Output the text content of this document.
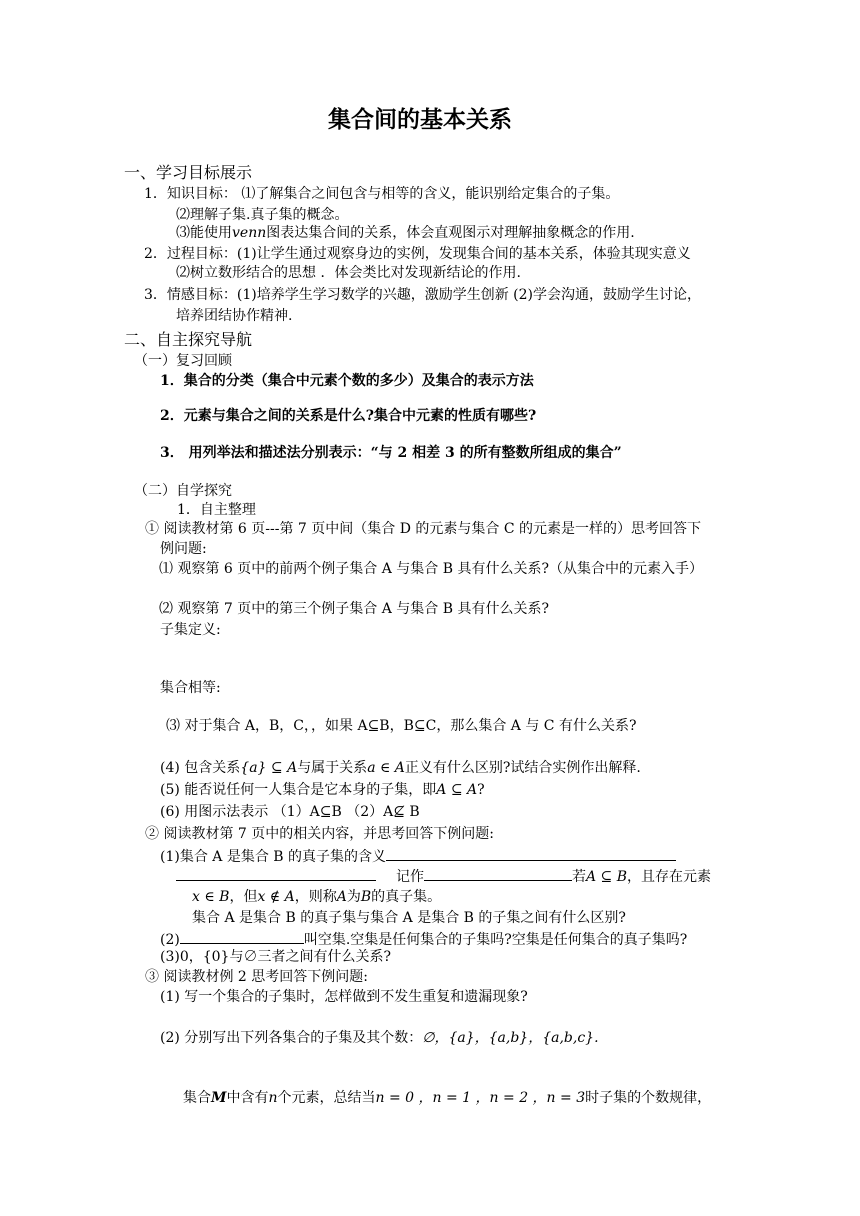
集合间的基本关系
一、学习目标展示
1．知识目标： ⑴了解集合之间包含与相等的含义，能识别给定集合的子集。
⑵理解子集.真子集的概念。
⑶能使用venn图表达集合间的关系，体会直观图示对理解抽象概念的作用.
2．过程目标：(1)让学生通过观察身边的实例，发现集合间的基本关系，体验其现实意义
⑵树立数形结合的思想 ．体会类比对发现新结论的作用.
3．情感目标：(1)培养学生学习数学的兴趣，激励学生创新 (2)学会沟通，鼓励学生讨论，
培养团结协作精神.
二、自主探究导航
（一）复习回顾
1．集合的分类（集合中元素个数的多少）及集合的表示方法
2．元素与集合之间的关系是什么?集合中元素的性质有哪些?
3． 用列举法和描述法分别表示：“与 2 相差 3 的所有整数所组成的集合”
（二）自学探究
1．自主整理
① 阅读教材第 6 页---第 7 页中间（集合 D 的元素与集合 C 的元素是一样的）思考回答下
例问题:
⑴ 观察第 6 页中的前两个例子集合 A 与集合 B 具有什么关系?（从集合中的元素入手）
⑵ 观察第 7 页中的第三个例子集合 A 与集合 B 具有什么关系?
子集定义:
集合相等:
⑶ 对于集合 A，B，C，，如果 A⊆B，B⊆C，那么集合 A 与 C 有什么关系?
(4) 包含关系{a} ⊆ A与属于关系a ∈ A正义有什么区别?试结合实例作出解释.
(5) 能否说任何一人集合是它本身的子集，即A ⊆ A?
(6) 用图示法表示 （1）A⊆B （2）A⊈ B
② 阅读教材第 7 页中的相关内容，并思考回答下例问题:
(1)集合 A 是集合 B 的真子集的含义
记作	若A ⊆ B，且存在元素
x ∈ B，但x ∉ A，则称A为B的真子集。
集合 A 是集合 B 的真子集与集合 A 是集合 B 的子集之间有什么区别?
(2)	叫空集.空集是任何集合的子集吗?空集是任何集合的真子集吗?
(3)0，{0}与∅三者之间有什么关系?
③ 阅读教材例 2 思考回答下例问题:
(1) 写一个集合的子集时，怎样做到不发生重复和遗漏现象?
(2) 分别写出下列各集合的子集及其个数：∅，{a}，{a,b}，{a,b,c}.
集合M中含有n个元素，总结当n = 0 ，n = 1 ，n = 2 ，n = 3时子集的个数规律，
